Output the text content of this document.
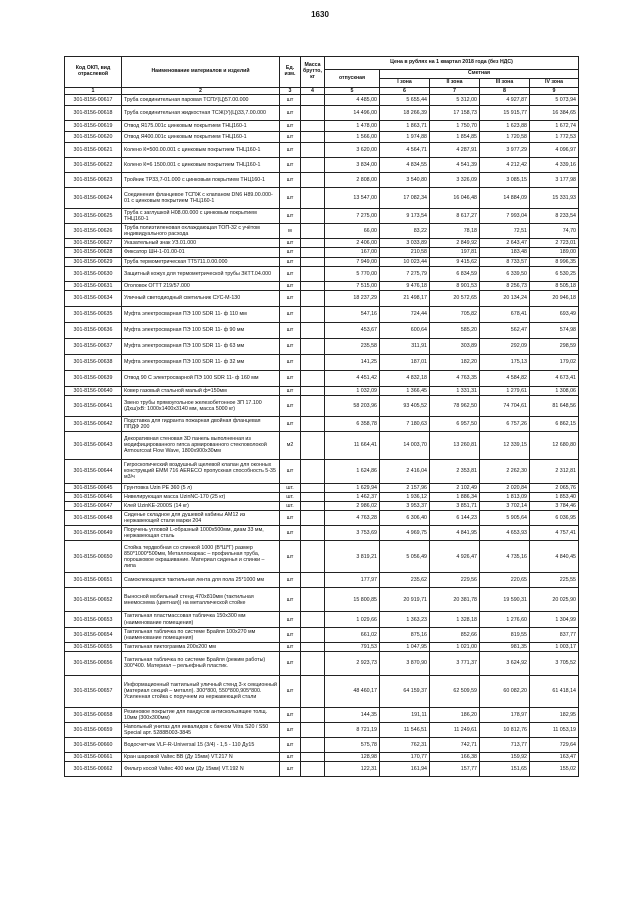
1630
Код ОКП, вид отраслевой	Наименование материалов и изделий	Ед. изм.	Масса брутто, кг	Цена в рублях на 1 квартал 2018 года (без НДС)				
				отпускная	Сметная			
					I зона	II зона	III зона	IV зона
1	2	3	4	5	6	7	8	9
301-8156-00617	Труба соединительная паровая ТСПУ(Ц)57.00.000	шт		4 485,00	5 655,44	5 312,00	4 927,87	5 073,94
301-8156-00618	Труба соединительная жидкостная ТСЖ(У)(Ц)33,7.00.000	шт		14 496,00	18 266,39	17 158,73	15 915,77	16 384,65
301-8156-00619	Отвод Я175.001с цинковым покрытием ТНЦ160-1	шт		1 478,00	1 863,71	1 750,70	1 623,88	1 672,74
301-8156-00620	Отвод Я400.001с цинковым покрытием ТНЦ160-1	шт		1 566,00	1 974,88	1 854,85	1 720,58	1 772,53
301-8156-00621	Колено К=500.00.001 с цинковым покрытием ТНЦ160-1	шт		3 620,00	4 564,71	4 287,91	3 977,29	4 096,97
301-8156-00622	Колено К=6 1500.001 с цинковым покрытием ТНЦ160-1	шт		3 834,00	4 834,55	4 541,39	4 212,42	4 339,16
301-8156-00623	Тройник ТР33,7-01.000 с цинковым покрытием ТНЦ160-1	шт		2 808,00	3 540,80	3 326,09	3 085,15	3 177,98
301-8156-00624	Соединения фланцевое ТСПЖ с клапаном DN6 Н89.00.000-01 с цинковым покрытием ТНЦ160-1	шт		13 547,00	17 082,34	16 046,48	14 884,09	15 331,93
301-8156-00625	Труба с заглушкой Н08.00.000 с цинковым покрытием ТНЦ160-1	шт		7 275,00	9 173,54	8 617,27	7 993,04	8 233,54
301-8156-00626	Труба полиэтиленовая охлаждающая ТОП-32 с учётом индивидуального расхода	м		66,00	83,22	78,18	72,51	74,70
301-8156-00627	Указательный знак УЗ.01.000	шт		2 406,00	3 033,89	2 849,92	2 643,47	2 723,01
301-8156-00628	Фиксатор ШН-1-01.00-01	шт		167,00	210,58	197,81	183,48	189,00
301-8156-00629	Труба термометрическая ТТ5711.0.00.000	шт		7 949,00	10 023,44	9 415,62	8 733,57	8 996,35
301-8156-00630	Защитный кожух для термометрической трубы ЗКТТ.04.000	шт		5 770,00	7 275,79	6 834,59	6 339,50	6 530,25
301-8156-00631	Оголовок ОГТТ 219/57.000	шт		7 515,00	9 476,18	8 901,53	8 256,73	8 505,18
301-8156-00634	Уличный светодиодный светильник СУС-М-130	шт		18 237,29	21 498,17	20 572,65	20 134,24	20 946,18
301-8156-00635	Муфта электросварная ПЭ 100 SDR 11- ф 110 мм	шт		547,16	724,44	705,82	678,41	693,49
301-8156-00636	Муфта электросварная ПЭ 100 SDR 11- ф 90 мм	шт		453,67	600,64	585,20	562,47	574,98
301-8156-00637	Муфта электросварная ПЭ 100 SDR 11- ф 63 мм	шт		235,58	311,91	303,89	292,09	298,59
301-8156-00638	Муфта электросварная ПЭ 100 SDR 11- ф 32 мм	шт		141,25	187,01	182,20	175,13	179,02
301-8156-00639	Отвод 90 С электросварной ПЭ 100 SDR 11- ф 160 мм	шт		4 451,42	4 832,18	4 763,35	4 584,82	4 673,41
301-8156-00640	Ковер газовый стальной малый ф=150мм	шт		1 032,09	1 366,45	1 331,31	1 279,61	1 308,06
301-8156-00641	Звено трубы прямоугольное железобетонное ЗП 17.100 (Дхш)хВ: 1000х1400х3140 мм, масса 5000 кг)	шт		58 203,96	93 405,52	78 962,50	74 704,61	81 648,56
301-8156-00642	Подставка для гидранта пожарная двойная фланцевая ППДФ 200	шт		6 358,78	7 180,63	6 957,50	6 757,26	6 862,15
301-8156-00643	Декоративная стеновая 3D панель выполненная из модифицированного гипса армированного стекловолокой Armourcoat Flow Wave, 1800х900х30мм	м2		11 664,41	14 003,70	13 260,81	12 339,15	12 680,80
301-8156-00644	Гигроскопический воздушный щелевой клапан для оконных конструкций ЕММ 716 AERECO пропускная способность 5-35 м3/ч	шт		1 624,86	2 416,04	2 353,81	2 262,30	2 312,81
301-8156-00645	Грунтовка Uzin PE 360 (5 л)	шт.		1 629,94	2 157,96	2 102,49	2 020,84	2 065,76
301-8156-00646	Нивелирующая масса UzinNC-170 (25 кг)	шт.		1 462,37	1 936,12	1 886,34	1 813,09	1 853,40
301-8156-00647	Клей UzinKE-2000S (14 кг)	шт.		2 986,02	3 953,37	3 851,71	3 702,14	3 784,46
301-8156-00648	Сиденье складное для душевой кабины АМ12 из нержавеющей стали марки 204	шт		4 763,28	6 306,40	6 144,23	5 905,64	6 036,95
301-8156-00649	Поручень угловой L-образный 1000х500мм, диам 33 мм, нержавеющая сталь	шт		3 753,69	4 969,75	4 841,95	4 653,93	4 757,41
301-8156-00650	Стойка тердвобная со спинкой 1000 (В*Ш*Г) размер 850*1000*500мм, Металлокаркас – профильная труба, порошковое окрашивание. Материал сиденья и спинки – липа	шт		3 819,21	5 056,49	4 926,47	4 735,16	4 840,45
301-8156-00651	Самоклеющаяся тактильная лента для пола 25*1000 мм	шт		177,97	235,62	229,56	220,65	225,55
301-8156-00652	Выносной мобильный стенд 470х810мм (тактильная мнемосхема (цветная)) на металлической стойке	шт		15 800,85	20 919,71	20 381,78	19 590,31	20 025,90
301-8156-00653	Тактильная пластмассовая табличка 150х300 мм (наименование помещения)	шт		1 029,66	1 363,23	1 328,18	1 276,60	1 304,99
301-8156-00654	Тактильная табличка по системе Брайля 100х270 мм (наименование помещения)	шт		661,02	875,16	852,66	819,55	837,77
301-8156-00655	Тактильная пиктограмма 200х200 мм	шт		791,53	1 047,95	1 021,00	981,35	1 003,17
301-8156-00656	Тактильная табличка по системе Брайля (режим работы) 300*400. Материал – рельефный пластик.	шт		2 923,73	3 870,90	3 771,37	3 624,92	3 705,52
301-8156-00657	Информационный тактильный уличный стенд 3-х секционный (материал секций – металл). 300*800, 550*800,905*800. Усиленная стойка с поручнем из нержавеющей стали	шт		48 460,17	64 159,37	62 509,59	60 082,20	61 418,14
301-8156-00658	Резиновое покрытие для пандусов антискользящее толщ. 10мм (300х300мм)	шт		144,35	191,11	186,20	178,97	182,95
301-8156-00659	Напольный унитаз для инвалидов с бачком Vitra S20 / S50 Special арт. 5288В003-3845	шт		8 721,19	11 546,51	11 249,61	10 812,76	11 053,19
301-8156-00660	Водосчетчик VLF-R-Universal 15 (3/4) - 1,5 - 110 Ду15	шт		575,78	762,31	742,71	713,77	729,64
301-8156-00661	Кран шаровой Valtec BB (Ду 15мм) VT.217 N	шт		128,98	170,77	166,38	159,92	163,47
301-8156-00662	Фильтр косой Valtec 400 мкм (Ду 15мм) VT.192 N	шт		122,31	161,94	157,77	151,65	155,02
